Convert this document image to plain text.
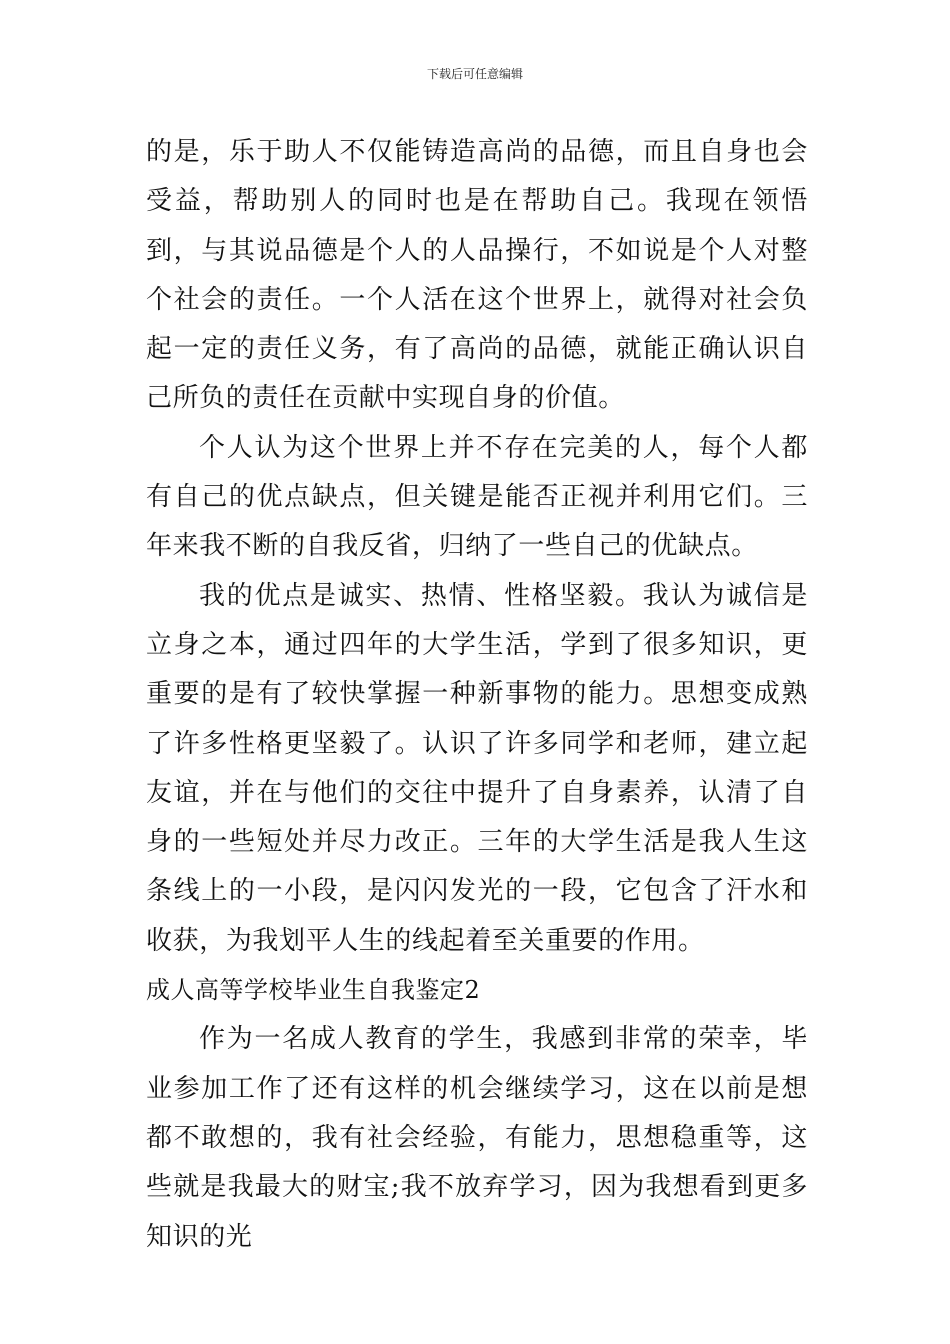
下载后可任意编辑

的是，乐于助人不仅能铸造高尚的品德，而且自身也会受益，帮助别人的同时也是在帮助自己。我现在领悟到，与其说品德是个人的人品操行，不如说是个人对整个社会的责任。一个人活在这个世界上，就得对社会负起一定的责任义务，有了高尚的品德，就能正确认识自己所负的责任在贡献中实现自身的价值。

个人认为这个世界上并不存在完美的人，每个人都有自己的优点缺点，但关键是能否正视并利用它们。三年来我不断的自我反省，归纳了一些自己的优缺点。

我的优点是诚实、热情、性格坚毅。我认为诚信是立身之本，通过四年的大学生活，学到了很多知识，更重要的是有了较快掌握一种新事物的能力。思想变成熟了许多性格更坚毅了。认识了许多同学和老师，建立起友谊，并在与他们的交往中提升了自身素养，认清了自身的一些短处并尽力改正。三年的大学生活是我人生这条线上的一小段，是闪闪发光的一段，它包含了汗水和收获，为我划平人生的线起着至关重要的作用。

成人高等学校毕业生自我鉴定2

作为一名成人教育的学生，我感到非常的荣幸，毕业参加工作了还有这样的机会继续学习，这在以前是想都不敢想的，我有社会经验，有能力，思想稳重等，这些就是我最大的财宝;我不放弃学习，因为我想看到更多知识的光
